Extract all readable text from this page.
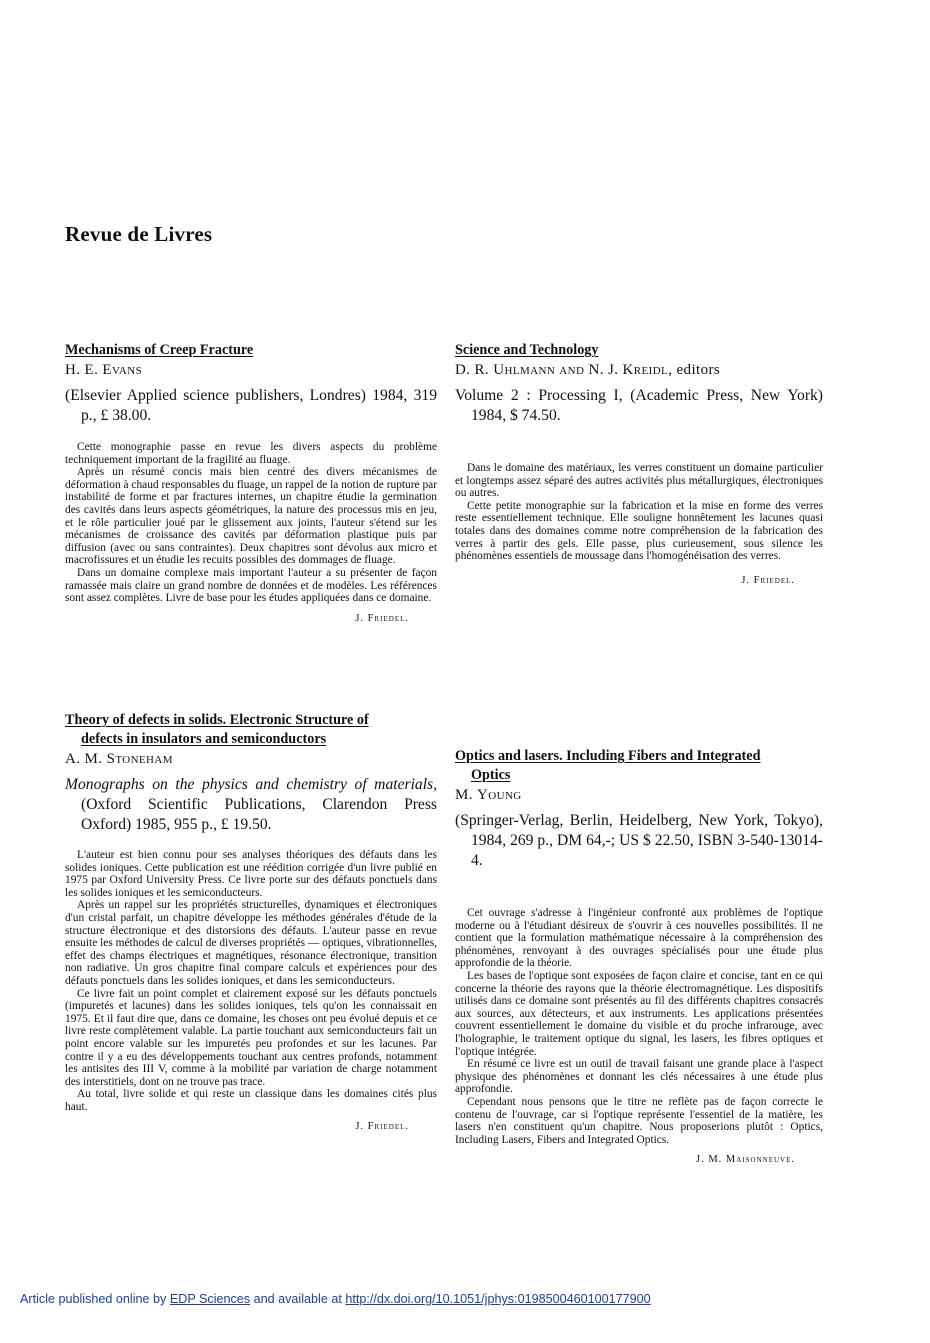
Revue de Livres
Mechanisms of Creep Fracture
H. E. Evans
(Elsevier Applied science publishers, Londres) 1984, 319 p., £ 38.00.

Cette monographie passe en revue les divers aspects du problème techniquement important de la fragilité au fluage.

Après un résumé concis mais bien centré des divers mécanismes de déformation à chaud responsables du fluage, un rappel de la notion de rupture par instabilité de forme et par fractures internes, un chapitre étudie la germination des cavités dans leurs aspects géométriques, la nature des processus mis en jeu, et le rôle particulier joué par le glissement aux joints, l'auteur s'étend sur les mécanismes de croissance des cavités par déformation plastique puis par diffusion (avec ou sans contraintes). Deux chapitres sont dévolus aux micro et macrofissures et un étudie les recuits possibles des dommages de fluage.

Dans un domaine complexe mais important l'auteur a su présenter de façon ramassée mais claire un grand nombre de données et de modèles. Les références sont assez complètes. Livre de base pour les études appliquées dans ce domaine.

J. Friedel.
Theory of defects in solids. Electronic Structure of
defects in insulators and semiconductors
A. M. Stoneham
Monographs on the physics and chemistry of materials, (Oxford Scientific Publications, Clarendon Press Oxford) 1985, 955 p., £ 19.50.

L'auteur est bien connu pour ses analyses théoriques des défauts dans les solides ioniques. Cette publication est une réédition corrigée d'un livre publié en 1975 par Oxford University Press. Ce livre porte sur des défauts ponctuels dans les solides ioniques et les semiconducteurs.

Après un rappel sur les propriétés structurelles, dynamiques et électroniques d'un cristal parfait, un chapitre développe les méthodes générales d'étude de la structure électronique et des distorsions des défauts. L'auteur passe en revue ensuite les méthodes de calcul de diverses propriétés — optiques, vibrationnelles, effet des champs électriques et magnétiques, résonance électronique, transition non radiative. Un gros chapitre final compare calculs et expériences pour des défauts ponctuels dans les solides ioniques, et dans les semiconducteurs.

Ce livre fait un point complet et clairement exposé sur les défauts ponctuels (impuretés et lacunes) dans les solides ioniques, tels qu'on les connaissait en 1975. Et il faut dire que, dans ce domaine, les choses ont peu évolué depuis et ce livre reste complètement valable. La partie touchant aux semiconducteurs fait un point encore valable sur les impuretés peu profondes et sur les lacunes. Par contre il y a eu des développements touchant aux centres profonds, notamment les antisites des III V, comme à la mobilité par variation de charge notamment des interstitiels, dont on ne trouve pas trace.

Au total, livre solide et qui reste un classique dans les domaines cités plus haut.

J. Friedel.
Science and Technology
D. R. Uhlmann and N. J. Kreidl, editors
Volume 2 : Processing I, (Academic Press, New York) 1984, $ 74.50.

Dans le domaine des matériaux, les verres constituent un domaine particulier et longtemps assez séparé des autres activités plus métallurgiques, électroniques ou autres.

Cette petite monographie sur la fabrication et la mise en forme des verres reste essentiellement technique. Elle souligne honnêtement les lacunes quasi totales dans des domaines comme notre compréhension de la fabrication des verres à partir des gels. Elle passe, plus curieusement, sous silence les phénomènes essentiels de moussage dans l'homogénéisation des verres.

J. Friedel.
Optics and lasers. Including Fibers and Integrated
Optics
M. Young
(Springer-Verlag, Berlin, Heidelberg, New York, Tokyo), 1984, 269 p., DM 64,-; US $ 22.50, ISBN 3-540-13014-4.

Cet ouvrage s'adresse à l'ingénieur confronté aux problèmes de l'optique moderne ou à l'étudiant désireux de s'ouvrir à ces nouvelles possibilités. Il ne contient que la formulation mathématique nécessaire à la compréhension des phénomènes, renvoyant à des ouvrages spécialisés pour une étude plus approfondie de la théorie.

Les bases de l'optique sont exposées de façon claire et concise, tant en ce qui concerne la théorie des rayons que la théorie électromagnétique. Les dispositifs utilisés dans ce domaine sont présentés au fil des différents chapitres consacrés aux sources, aux détecteurs, et aux instruments. Les applications présentées couvrent essentiellement le domaine du visible et du proche infrarouge, avec l'holographie, le traitement optique du signal, les lasers, les fibres optiques et l'optique intégrée.

En résumé ce livre est un outil de travail faisant une grande place à l'aspect physique des phénomènes et donnant les clés nécessaires à une étude plus approfondie.

Cependant nous pensons que le titre ne reflète pas de façon correcte le contenu de l'ouvrage, car si l'optique représente l'essentiel de la matière, les lasers n'en constituent qu'un chapitre. Nous proposerions plutôt : Optics, Including Lasers, Fibers and Integrated Optics.

J. M. Maisonneuve.
Article published online by EDP Sciences and available at http://dx.doi.org/10.1051/jphys:0198500460100177900
